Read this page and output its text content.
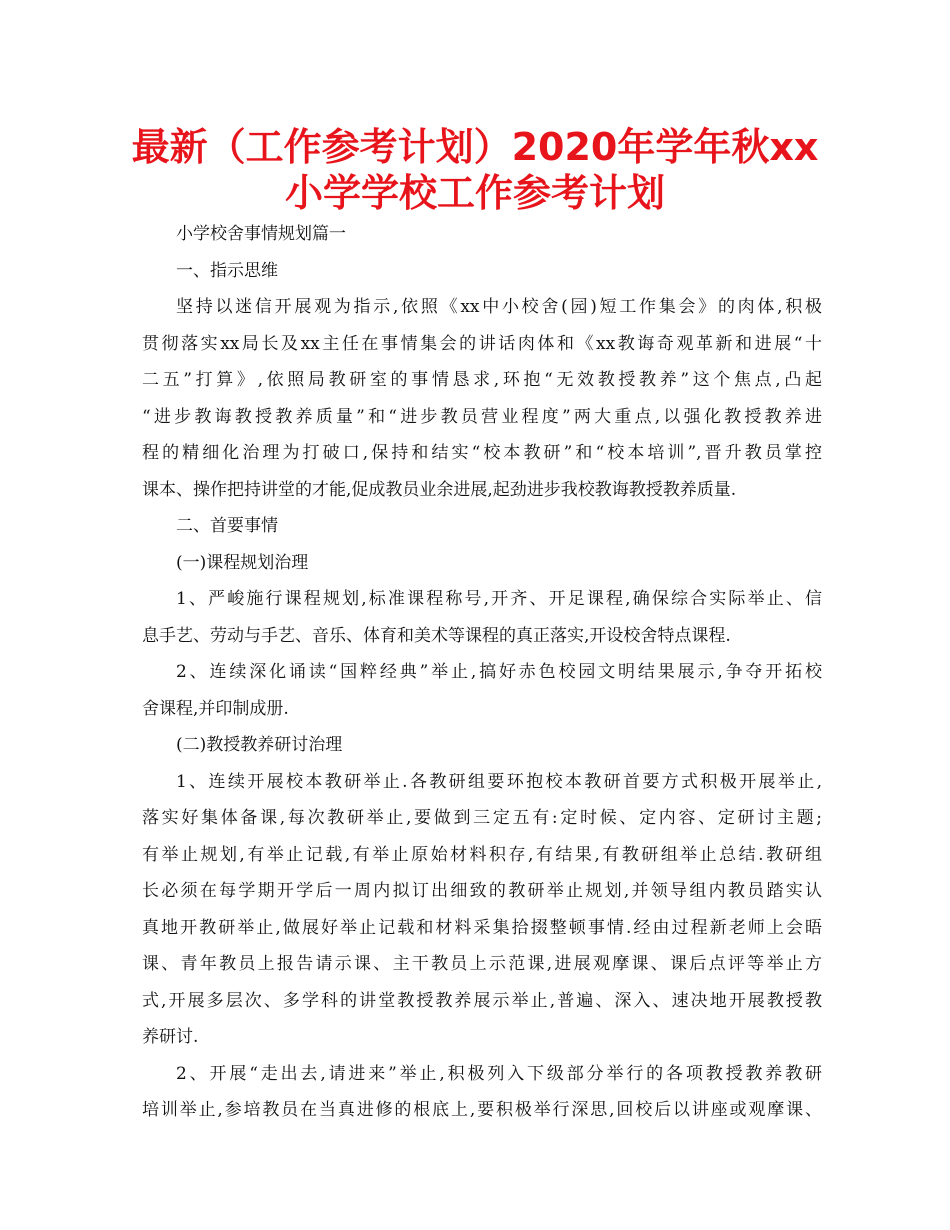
最新（工作参考计划）2020年学年秋xx
小学学校工作参考计划
小学校舍事情规划篇一
一、指示思维
坚持以迷信开展观为指示,依照《xx中小校舍(园)短工作集会》的肉体,积极
贯彻落实xx局长及xx主任在事情集会的讲话肉体和《xx教诲奇观革新和进展“十
二五”打算》,依照局教研室的事情恳求,环抱“无效教授教养”这个焦点,凸起
“进步教诲教授教养质量”和“进步教员营业程度”两大重点,以强化教授教养进
程的精细化治理为打破口,保持和结实“校本教研”和“校本培训”,晋升教员掌控
课本、操作把持讲堂的才能,促成教员业余进展,起劲进步我校教诲教授教养质量.
二、首要事情
(一)课程规划治理
1、严峻施行课程规划,标准课程称号,开齐、开足课程,确保综合实际举止、信
息手艺、劳动与手艺、音乐、体育和美术等课程的真正落实,开设校舍特点课程.
2、连续深化诵读“国粹经典”举止,搞好赤色校园文明结果展示,争夺开拓校
舍课程,并印制成册.
(二)教授教养研讨治理
1、连续开展校本教研举止.各教研组要环抱校本教研首要方式积极开展举止,
落实好集体备课,每次教研举止,要做到三定五有:定时候、定内容、定研讨主题;
有举止规划,有举止记载,有举止原始材料积存,有结果,有教研组举止总结.教研组
长必须在每学期开学后一周内拟订出细致的教研举止规划,并领导组内教员踏实认
真地开教研举止,做展好举止记载和材料采集拾掇整顿事情.经由过程新老师上会晤
课、青年教员上报告请示课、主干教员上示范课,进展观摩课、课后点评等举止方
式,开展多层次、多学科的讲堂教授教养展示举止,普遍、深入、速决地开展教授教
养研讨.
2、开展“走出去,请进来”举止,积极列入下级部分举行的各项教授教养教研
培训举止,参培教员在当真进修的根底上,要积极举行深思,回校后以讲座或观摩课、
